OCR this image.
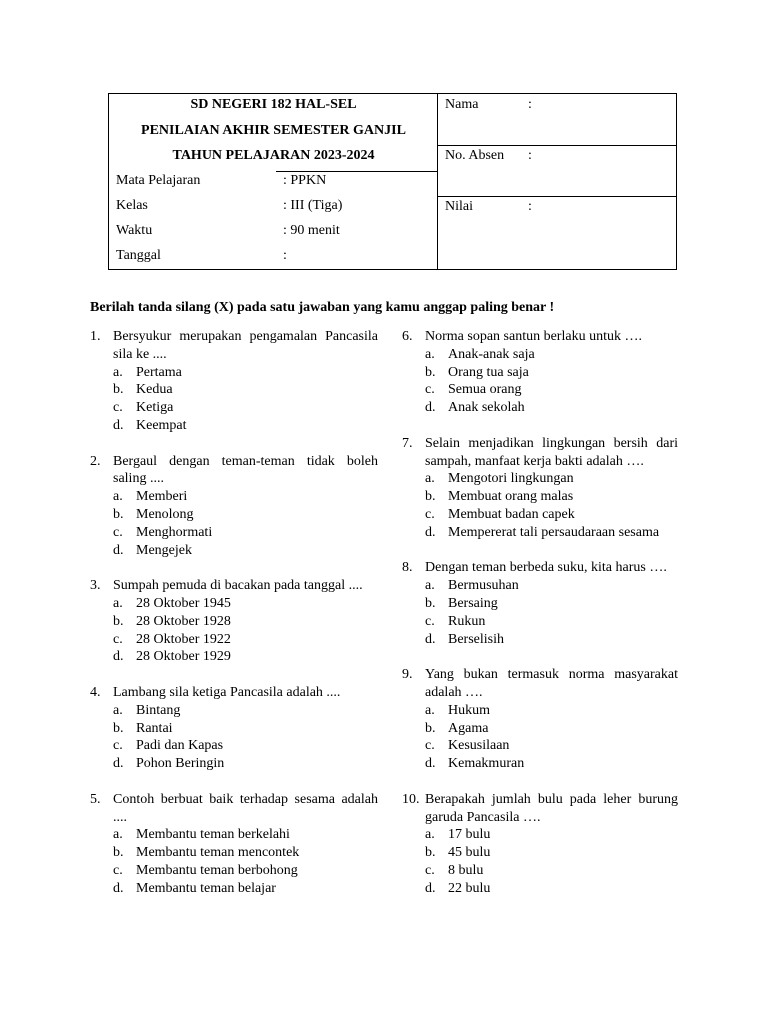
SD NEGERI 182 HAL-SEL
PENILAIAN AKHIR SEMESTER GANJIL
TAHUN PELAJARAN 2023-2024
Mata Pelajaran	: PPKN
Kelas	: III (Tiga)
Waktu	: 90 menit
Tanggal	:
Nama	:
No. Absen :
Nilai	:
Berilah tanda silang (X) pada satu jawaban yang kamu anggap paling benar !
1. Bersyukur merupakan pengamalan Pancasila sila ke ....
a. Pertama
b. Kedua
c. Ketiga
d. Keempat
2. Bergaul dengan teman-teman tidak boleh saling ....
a. Memberi
b. Menolong
c. Menghormati
d. Mengejek
3. Sumpah pemuda di bacakan pada tanggal ....
a. 28 Oktober 1945
b. 28 Oktober 1928
c. 28 Oktober 1922
d. 28 Oktober 1929
4. Lambang sila ketiga Pancasila adalah ....
a. Bintang
b. Rantai
c. Padi dan Kapas
d. Pohon Beringin
5. Contoh berbuat baik terhadap sesama adalah ....
a. Membantu teman berkelahi
b. Membantu teman mencontek
c. Membantu teman berbohong
d. Membantu teman belajar
6. Norma sopan santun berlaku untuk ….
a. Anak-anak saja
b. Orang tua saja
c. Semua orang
d. Anak sekolah
7. Selain menjadikan lingkungan bersih dari sampah, manfaat kerja bakti adalah ….
a. Mengotori lingkungan
b. Membuat orang malas
c. Membuat badan capek
d. Mempererat tali persaudaraan sesama
8. Dengan teman berbeda suku, kita harus ….
a. Bermusuhan
b. Bersaing
c. Rukun
d. Berselisih
9. Yang bukan termasuk norma masyarakat adalah ….
a. Hukum
b. Agama
c. Kesusilaan
d. Kemakmuran
10. Berapakah jumlah bulu pada leher burung garuda Pancasila ….
a. 17 bulu
b. 45 bulu
c. 8 bulu
d. 22 bulu
